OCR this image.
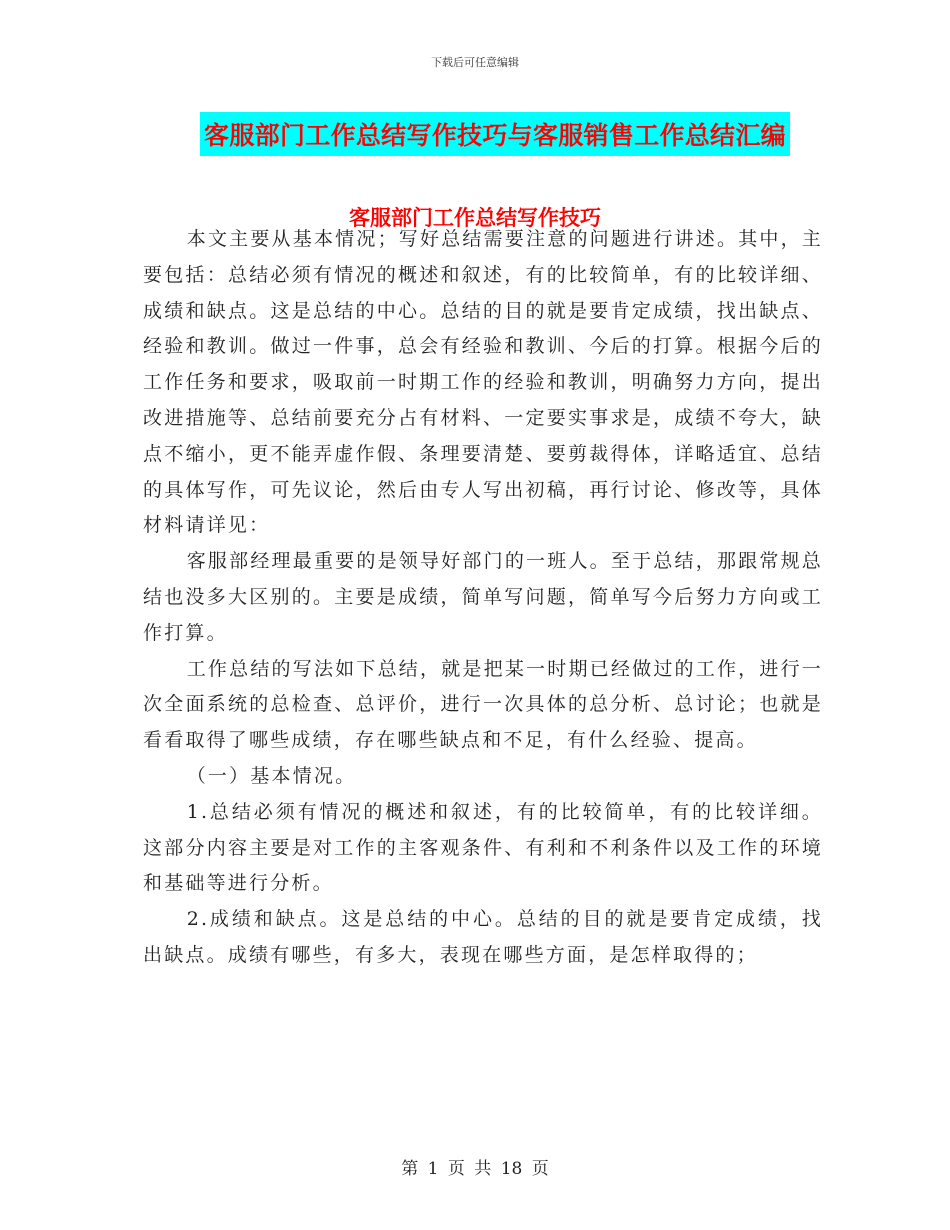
下载后可任意编辑
客服部门工作总结写作技巧与客服销售工作总结汇编
客服部门工作总结写作技巧

本文主要从基本情况；写好总结需要注意的问题进行讲述。其中，主要包括：总结必须有情况的概述和叙述，有的比较简单，有的比较详细、成绩和缺点。这是总结的中心。总结的目的就是要肯定成绩，找出缺点、经验和教训。做过一件事，总会有经验和教训、今后的打算。根据今后的工作任务和要求，吸取前一时期工作的经验和教训，明确努力方向，提出改进措施等、总结前要充分占有材料、一定要实事求是，成绩不夸大，缺点不缩小，更不能弄虚作假、条理要清楚、要剪裁得体，详略适宜、总结的具体写作，可先议论，然后由专人写出初稿，再行讨论、修改等，具体材料请详见：

客服部经理最重要的是领导好部门的一班人。至于总结，那跟常规总结也没多大区别的。主要是成绩，简单写问题，简单写今后努力方向或工作打算。

工作总结的写法如下总结，就是把某一时期已经做过的工作，进行一次全面系统的总检查、总评价，进行一次具体的总分析、总讨论；也就是看看取得了哪些成绩，存在哪些缺点和不足，有什么经验、提高。

（一）基本情况。

1.总结必须有情况的概述和叙述，有的比较简单，有的比较详细。这部分内容主要是对工作的主客观条件、有利和不利条件以及工作的环境和基础等进行分析。

2.成绩和缺点。这是总结的中心。总结的目的就是要肯定成绩，找出缺点。成绩有哪些，有多大，表现在哪些方面，是怎样取得的；

第 1 页 共 18 页
